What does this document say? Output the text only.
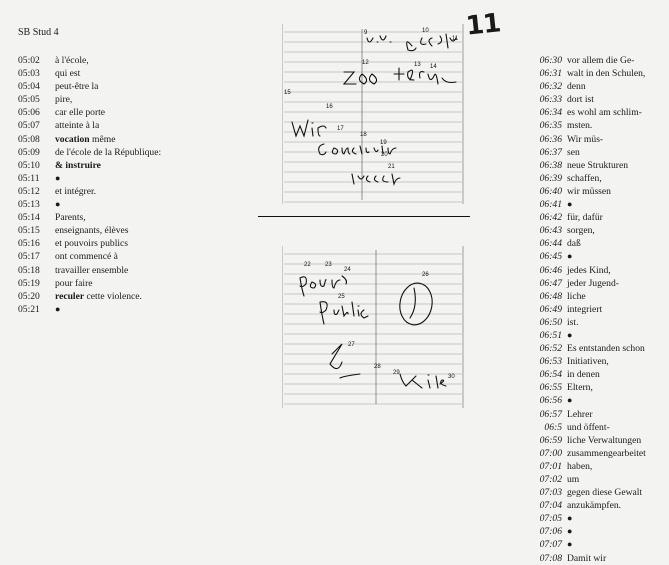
SB Stud 4	11
05:02	à l'école,
05:03	qui est
05:04	peut-être la
05:05	pire,
05:06	car elle porte
05:07	atteinte à la
05:08	vocation même
05:09	de l'école de la République:
05:10	& instruire
05:11	●
05:12	et intégrer.
05:13	●
05:14	Parents,
05:15	enseignants, élèves
05:16	et pouvoirs publics
05:17	ont commencé à
05:18	travailler ensemble
05:19	pour faire
05:20	reculer cette violence.
05:21	●
9	10
11
12	13 14
15
16
17
18
19
20
21
22 23
24
25
26
27
28
29
30
06:30 vor allem die Ge-
06:31 walt in den Schulen,
06:32 denn
06:33 dort ist
06:34 es wohl am schlim-
06:35 msten.
06:36 Wir müs-
06:37 sen
06:38 neue Strukturen
06:39 schaffen,
06:40 wir müssen
06:41 ●
06:42 für, dafür
06:43 sorgen,
06:44 daß
06:45 ●
06:46 jedes Kind,
06:47 jeder Jugend-
06:48 liche
06:49 integriert
06:50 ist.
06:51 ●
06:52 Es entstanden schon
06:53 Initiativen,
06:54 in denen
06:55 Eltern,
06:56 ●
06:57 Lehrer
06:5 und öffent-
06:59 liche Verwaltungen
07:00 zusammengearbeitet
07:01 haben,
07:02 um
07:03 gegen diese Gewalt
07:04 anzukämpfen.
07:05 ●
07:06 ●
07:07 ●
07:08 Damit wir
